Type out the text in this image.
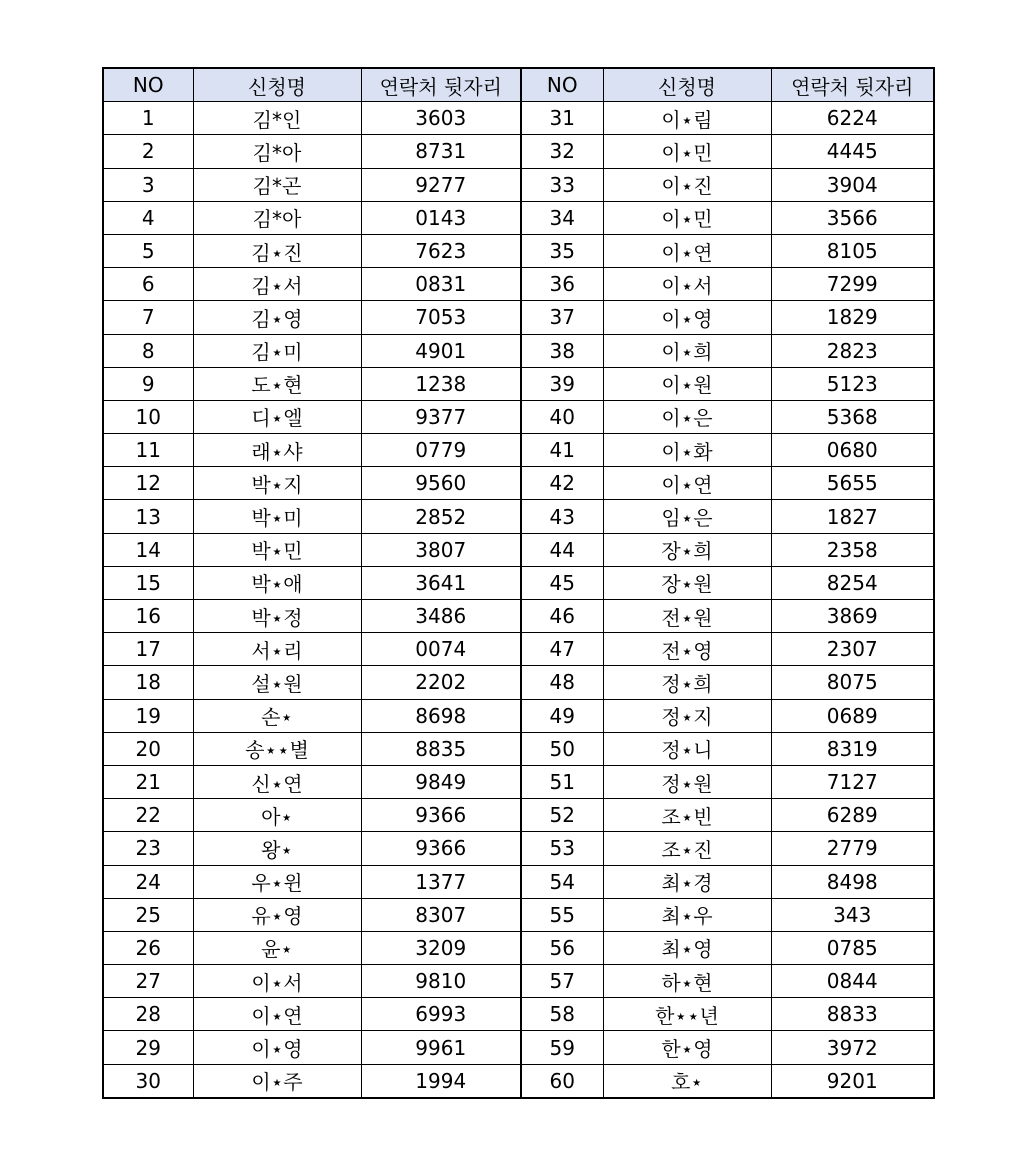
NO	신청명	연락처 뒷자리	NO	신청명	연락처 뒷자리
1	김*인	3603	31	이⋆림	6224
2	김*아	8731	32	이⋆민	4445
3	김*곤	9277	33	이⋆진	3904
4	김*아	0143	34	이⋆민	3566
5	김⋆진	7623	35	이⋆연	8105
6	김⋆서	0831	36	이⋆서	7299
7	김⋆영	7053	37	이⋆영	1829
8	김⋆미	4901	38	이⋆희	2823
9	도⋆현	1238	39	이⋆원	5123
10	디⋆엘	9377	40	이⋆은	5368
11	래⋆샤	0779	41	이⋆화	0680
12	박⋆지	9560	42	이⋆연	5655
13	박⋆미	2852	43	임⋆은	1827
14	박⋆민	3807	44	장⋆희	2358
15	박⋆애	3641	45	장⋆원	8254
16	박⋆정	3486	46	전⋆원	3869
17	서⋆리	0074	47	전⋆영	2307
18	설⋆원	2202	48	정⋆희	8075
19	손⋆	8698	49	정⋆지	0689
20	송⋆⋆별	8835	50	정⋆니	8319
21	신⋆연	9849	51	정⋆원	7127
22	아⋆	9366	52	조⋆빈	6289
23	왕⋆	9366	53	조⋆진	2779
24	우⋆윈	1377	54	최⋆경	8498
25	유⋆영	8307	55	최⋆우	343
26	윤⋆	3209	56	최⋆영	0785
27	이⋆서	9810	57	하⋆현	0844
28	이⋆연	6993	58	한⋆⋆년	8833
29	이⋆영	9961	59	한⋆영	3972
30	이⋆주	1994	60	호⋆	9201
